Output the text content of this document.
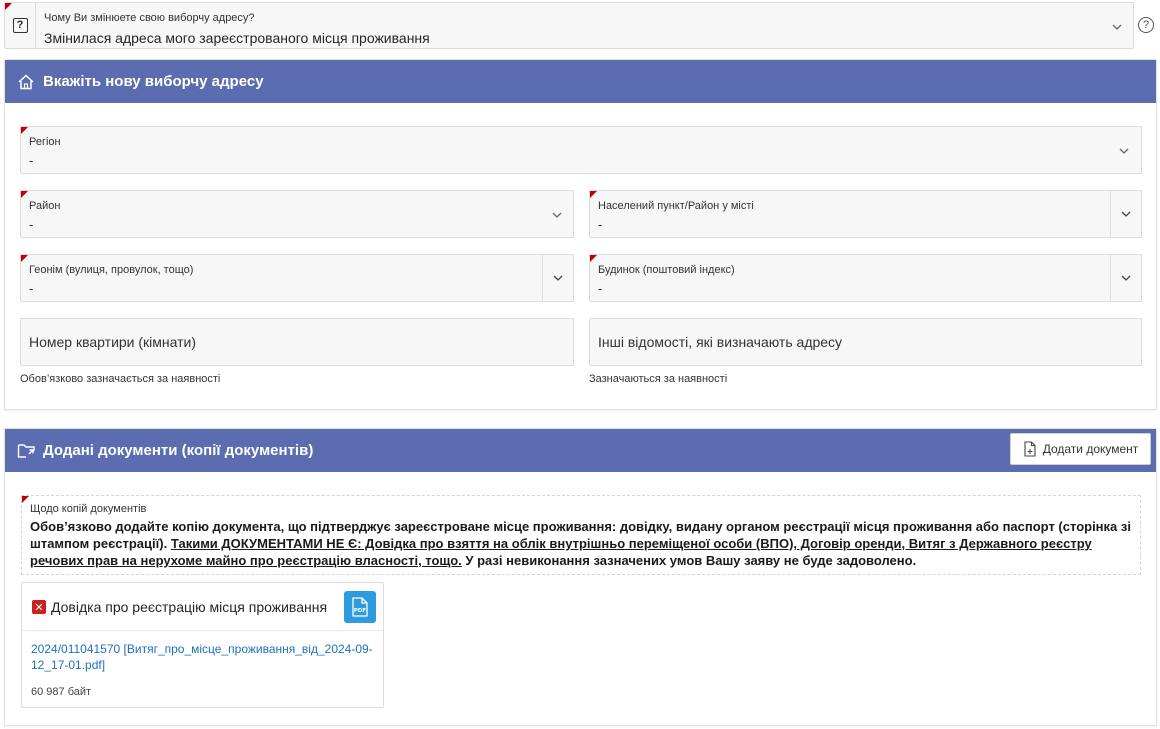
?
Чому Ви змінюете свою виборчу адресу?
Змінилася адреса мого зареєстрованого місця проживання
?
Вкажіть нову виборчу адресу
Регіон
-
Район
-
Населений пункт/Район у місті
-
Геонім (вулиця, провулок, тощо)
-
Будинок (поштовий індекс)
-
Номер квартири (кімнати)
Обов’язково зазначається за наявності
Інші відомості, які визначають адресу
Зазначаються за наявності
Додані документи (копії документів)	Додати документ
Щодо копій документів
Обов’язково додайте копію документа, що підтверджує зареєстроване місце проживання: довідку, видану органом реєстрації місця проживання або паспорт (сторінка зі штампом реєстрації). Такими ДОКУМЕНТАМИ НЕ Є: Довідка про взяття на облік внутрішньо переміщеної особи (ВПО), Договір оренди, Витяг з Державного реєстру речових прав на нерухоме майно про реєстрацію власності, тощо. У разі невиконання зазначених умов Вашу заяву не буде задоволено.
✕ Довідка про реєстрацію місця проживання	PDF
2024/011041570 [Витяг_про_місце_проживання_від_2024-09-12_17-01.pdf]
60 987 байт
